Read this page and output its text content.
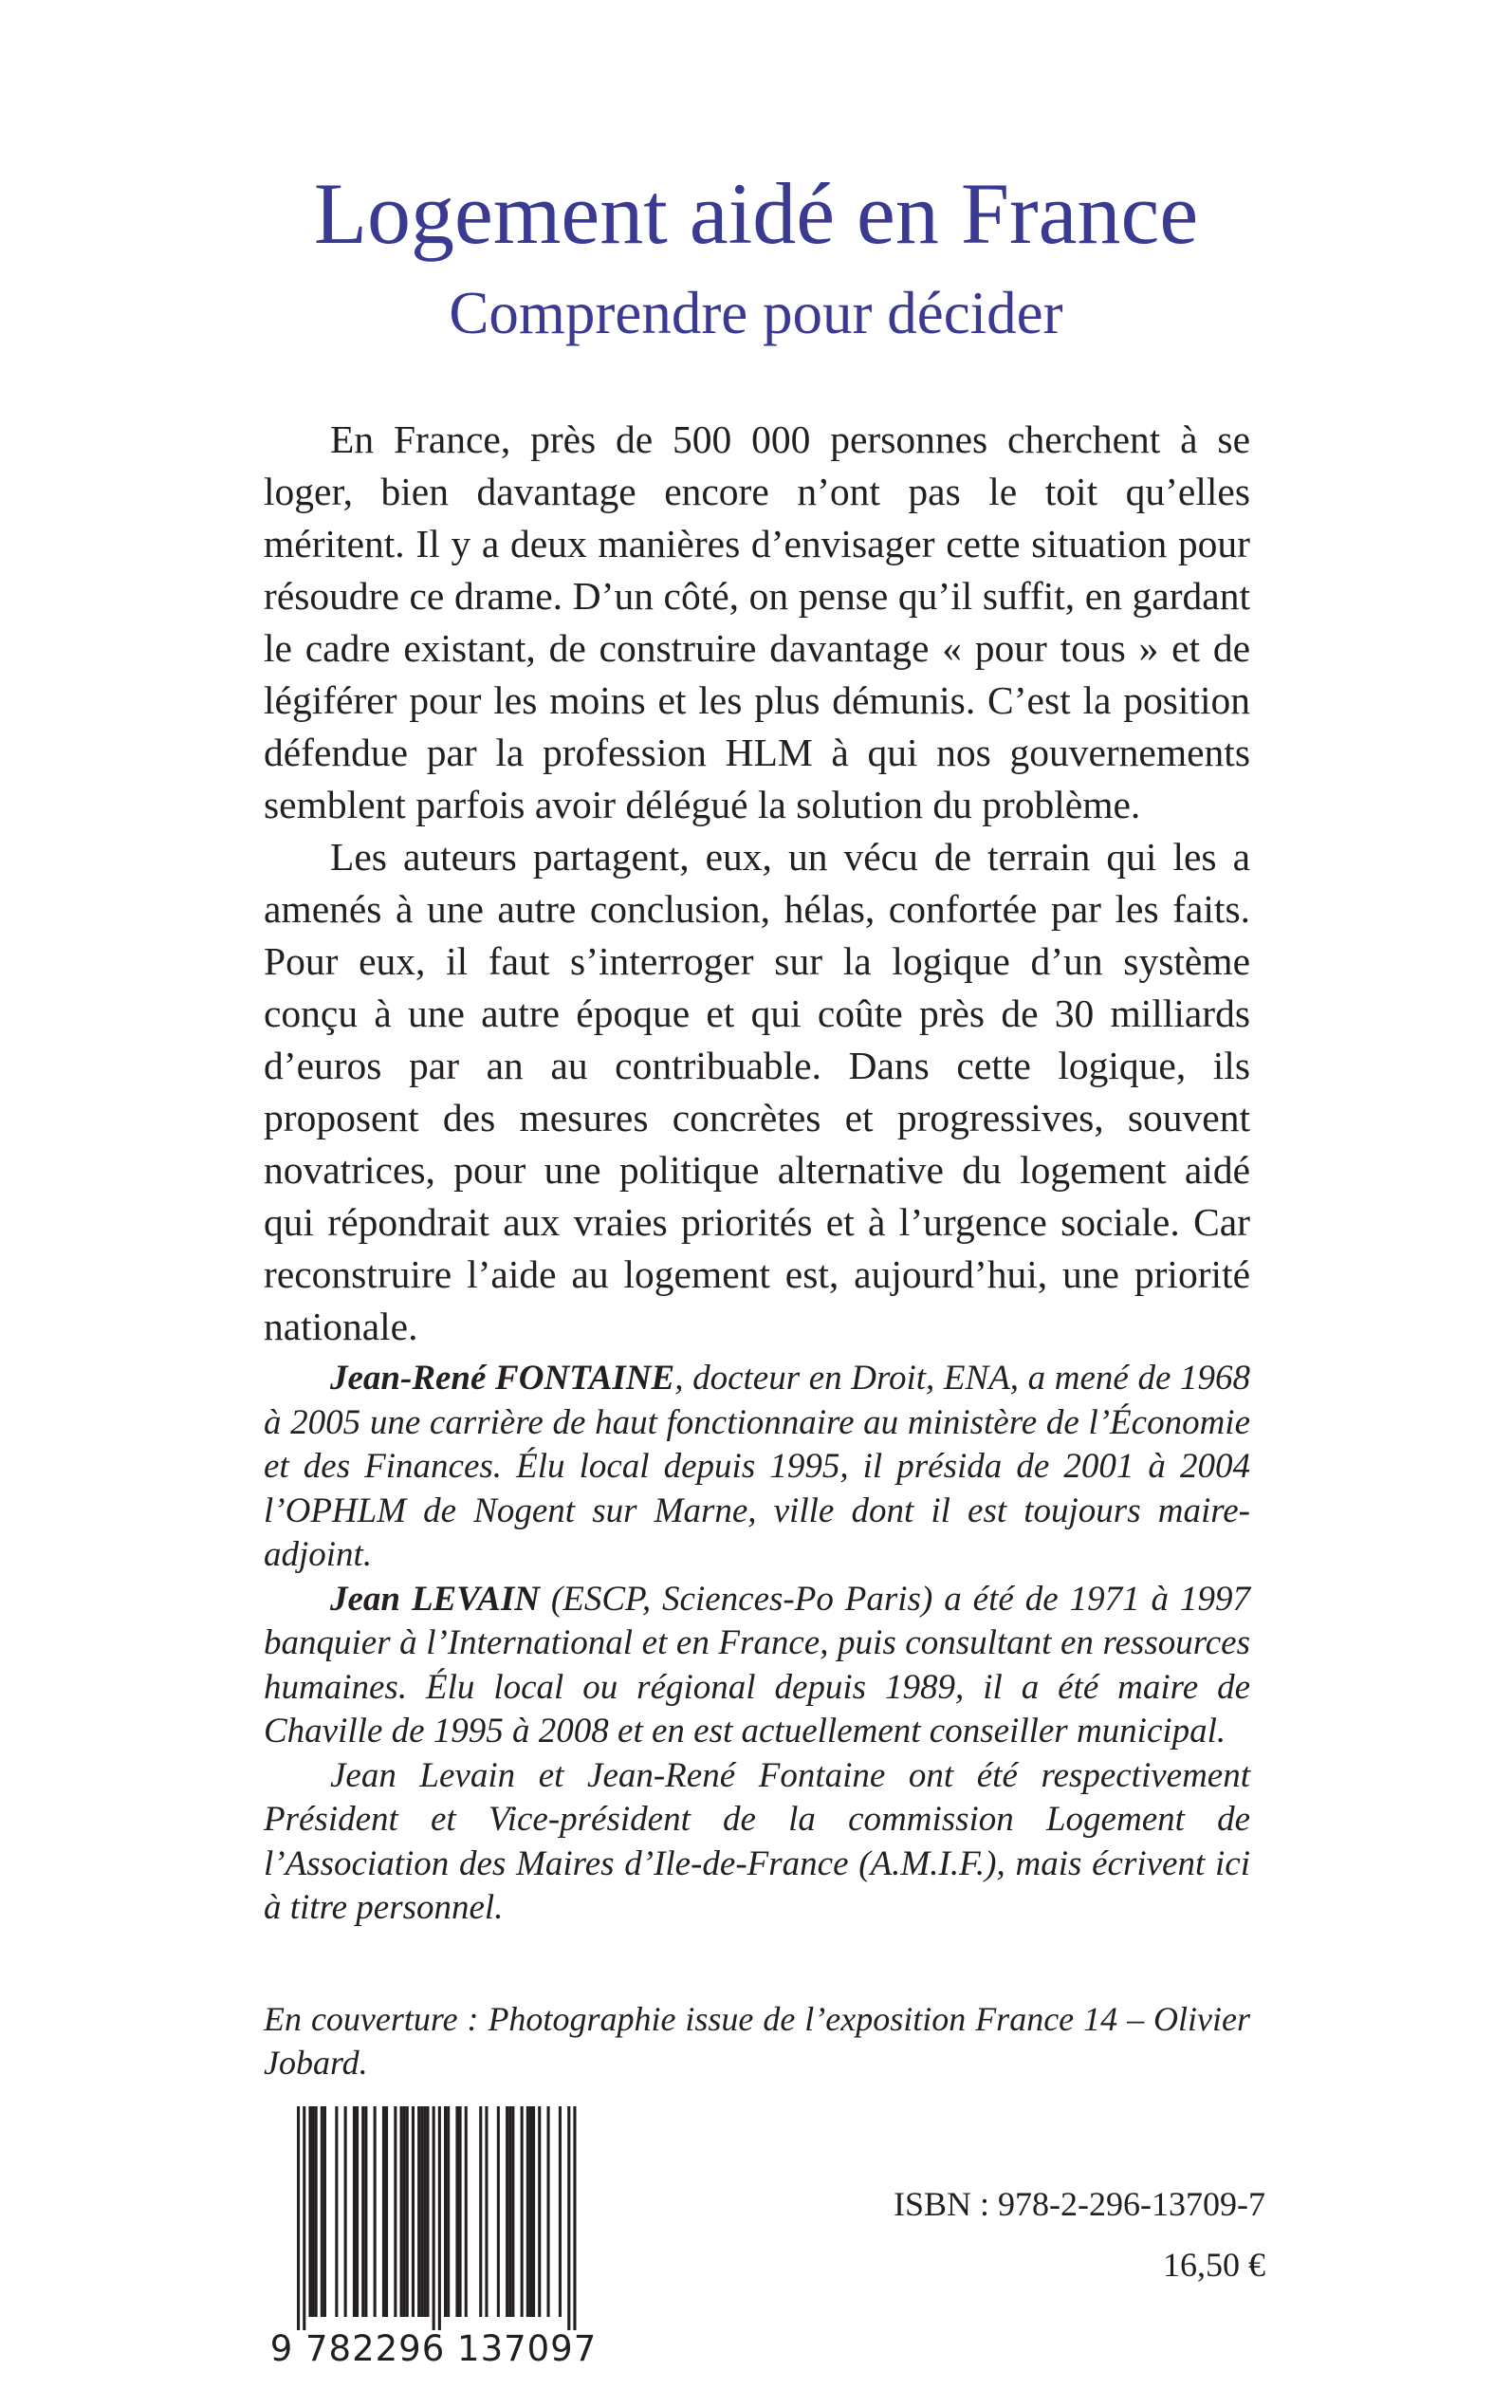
Logement aidé en France
Comprendre pour décider

En France, près de 500 000 personnes cherchent à se loger, bien davantage encore n’ont pas le toit qu’elles méritent. Il y a deux manières d’envisager cette situation pour résoudre ce drame. D’un côté, on pense qu’il suffit, en gardant le cadre existant, de construire davantage « pour tous » et de légiférer pour les moins et les plus démunis. C’est la position défendue par la profession HLM à qui nos gouvernements semblent parfois avoir délégué la solution du problème.

Les auteurs partagent, eux, un vécu de terrain qui les a amenés à une autre conclusion, hélas, confortée par les faits. Pour eux, il faut s’interroger sur la logique d’un système conçu à une autre époque et qui coûte près de 30 milliards d’euros par an au contribuable. Dans cette logique, ils proposent des mesures concrètes et progressives, souvent novatrices, pour une politique alternative du logement aidé qui répondrait aux vraies priorités et à l’urgence sociale. Car reconstruire l’aide au logement est, aujourd’hui, une priorité nationale.

Jean-René FONTAINE, docteur en Droit, ENA, a mené de 1968 à 2005 une carrière de haut fonctionnaire au ministère de l’Économie et des Finances. Élu local depuis 1995, il présida de 2001 à 2004 l’OPHLM de Nogent sur Marne, ville dont il est toujours maire-adjoint.

Jean LEVAIN (ESCP, Sciences-Po Paris) a été de 1971 à 1997 banquier à l’International et en France, puis consultant en ressources humaines. Élu local ou régional depuis 1989, il a été maire de Chaville de 1995 à 2008 et en est actuellement conseiller municipal.

Jean Levain et Jean-René Fontaine ont été respectivement Président et Vice-président de la commission Logement de l’Association des Maires d’Ile-de-France (A.M.I.F.), mais écrivent ici à titre personnel.

En couverture : Photographie issue de l’exposition France 14 – Olivier Jobard.

9 782296 137097

ISBN : 978-2-296-13709-7

16,50 €
